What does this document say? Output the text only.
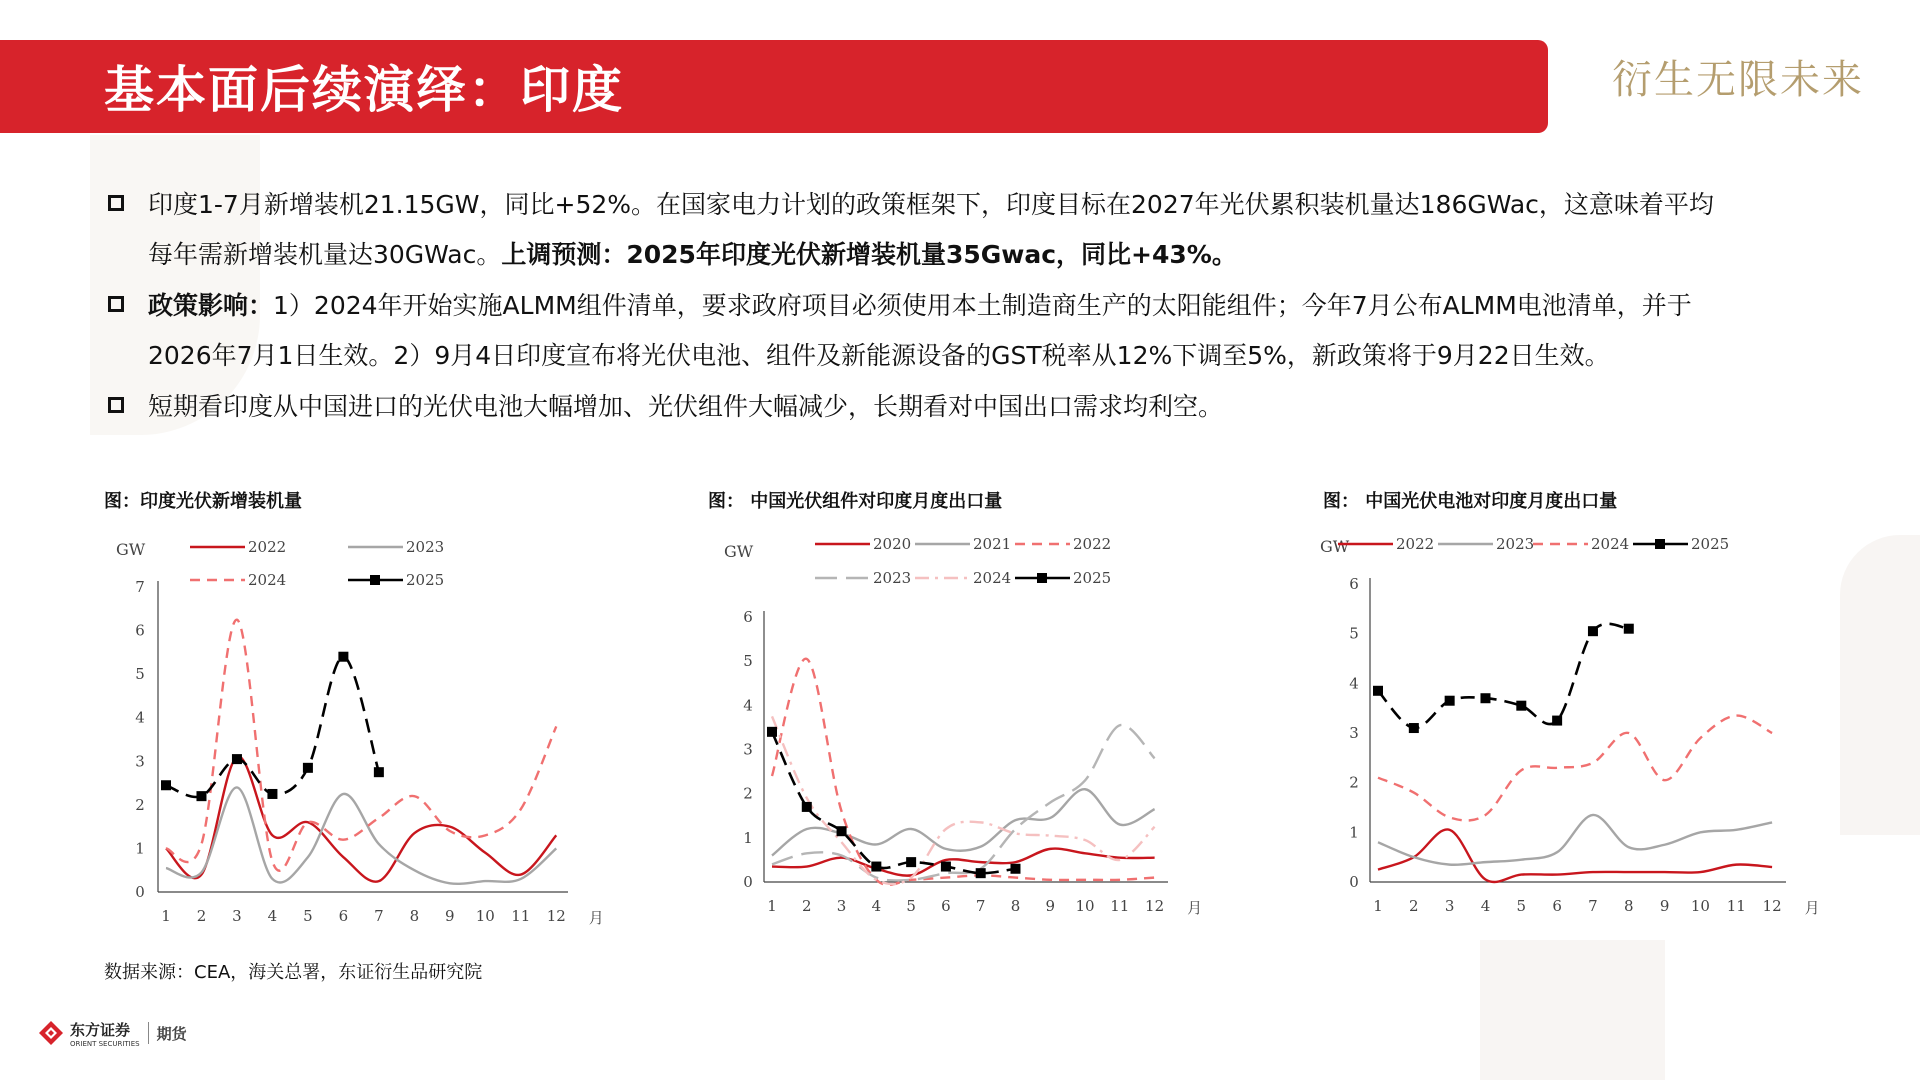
基本面后续演绎：印度	衍生无限未来
印度1-7月新增装机21.15GW，同比+52%。在国家电力计划的政策框架下，印度目标在2027年光伏累积装机量达186GWac，这意味着平均
每年需新增装机量达30GWac。上调预测：2025年印度光伏新增装机量35Gwac，同比+43%。
政策影响：1）2024年开始实施ALMM组件清单，要求政府项目必须使用本土制造商生产的太阳能组件；今年7月公布ALMM电池清单，并于
2026年7月1日生效。2）9月4日印度宣布将光伏电池、组件及新能源设备的GST税率从12%下调至5%，新政策将于9月22日生效。
短期看印度从中国进口的光伏电池大幅增加、光伏组件大幅减少，长期看对中国出口需求均利空。
图：印度光伏新增装机量	图： 中国光伏组件对印度月度出口量	图： 中国光伏电池对印度月度出口量
GW
0
1
2
3
4
5
6
7
1 2 3 4 5 6 7 8 9 10 11 12 月
2022	2023
2024	2025
GW
0
1
2
3
4
5
6
1 2 3 4 5 6 7 8 9 10 11 12 月
2020	2021	2022
2023	2024	2025
GW
0
1
2
3
4
5
6
1 2 3 4 5 6 7 8 9 10 11 12 月
2022	2023	2024	2025
数据来源：CEA，海关总署，东证衍生品研究院
东方证券
ORIENT SECURITIES
期货
